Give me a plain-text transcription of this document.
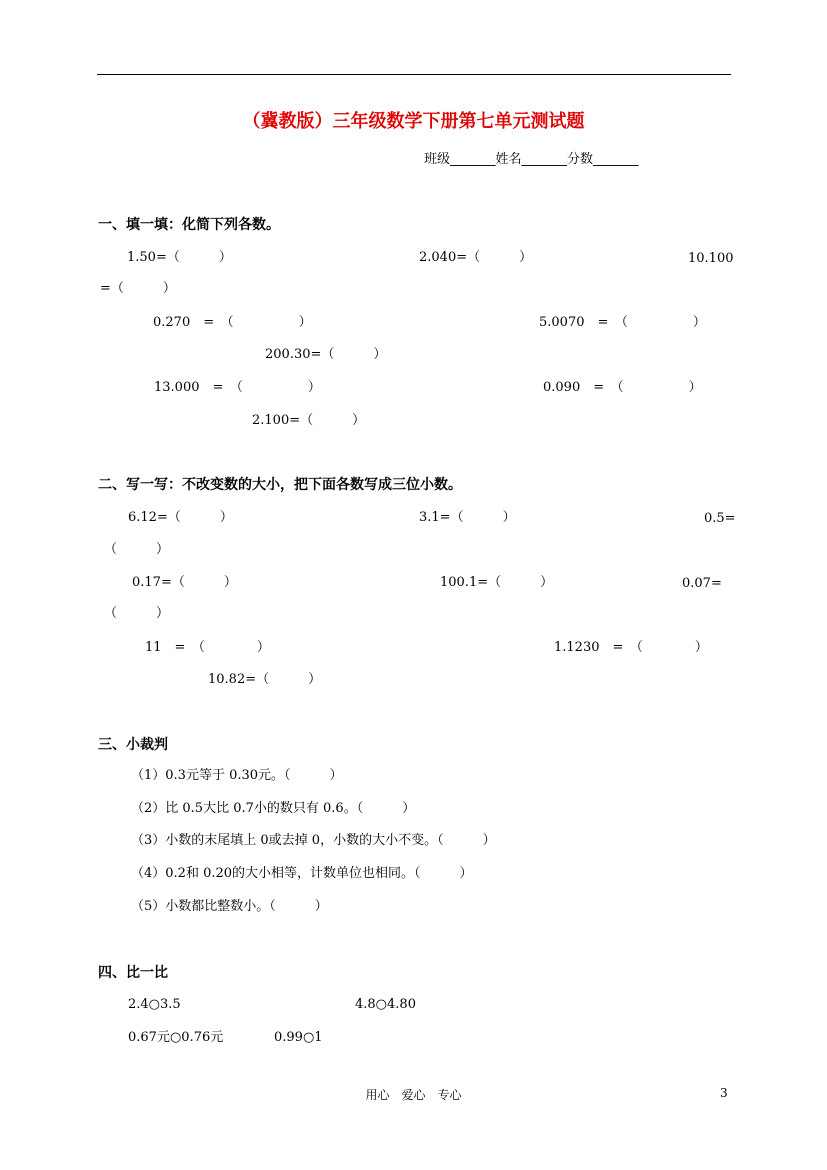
（冀教版）三年级数学下册第七单元测试题
班级_______姓名_______分数_______
一、填一填：化简下列各数。
1.50=（　　　）	2.040=（　　　）	10.100
=（　　　）
0.270　=　（　　　　　）	5.0070　=　（　　　　　）
200.30=（　　　）
13.000　=　（　　　　　）	0.090　=　（　　　　　）
2.100=（　　　）
二、写一写：不改变数的大小，把下面各数写成三位小数。
6.12=（　　　）	3.1=（　　　）	0.5=
（　　　）
0.17=（　　　）	100.1=（　　　）	0.07=
（　　　）
11　=　（　　　　）	1.1230　=　（　　　　）
10.82=（　　　）
三、小裁判
（1）0.3元等于 0.30元。（　　　）
（2）比 0.5大比 0.7小的数只有 0.6。（　　　）
（3）小数的末尾填上 0或去掉 0，小数的大小不变。（　　　）
（4）0.2和 0.20的大小相等，计数单位也相同。（　　　）
（5）小数都比整数小。（　　　）
四、比一比
2.4○3.5	4.8○4.80
0.67元○0.76元	0.99○1
用心　爱心　专心	3
